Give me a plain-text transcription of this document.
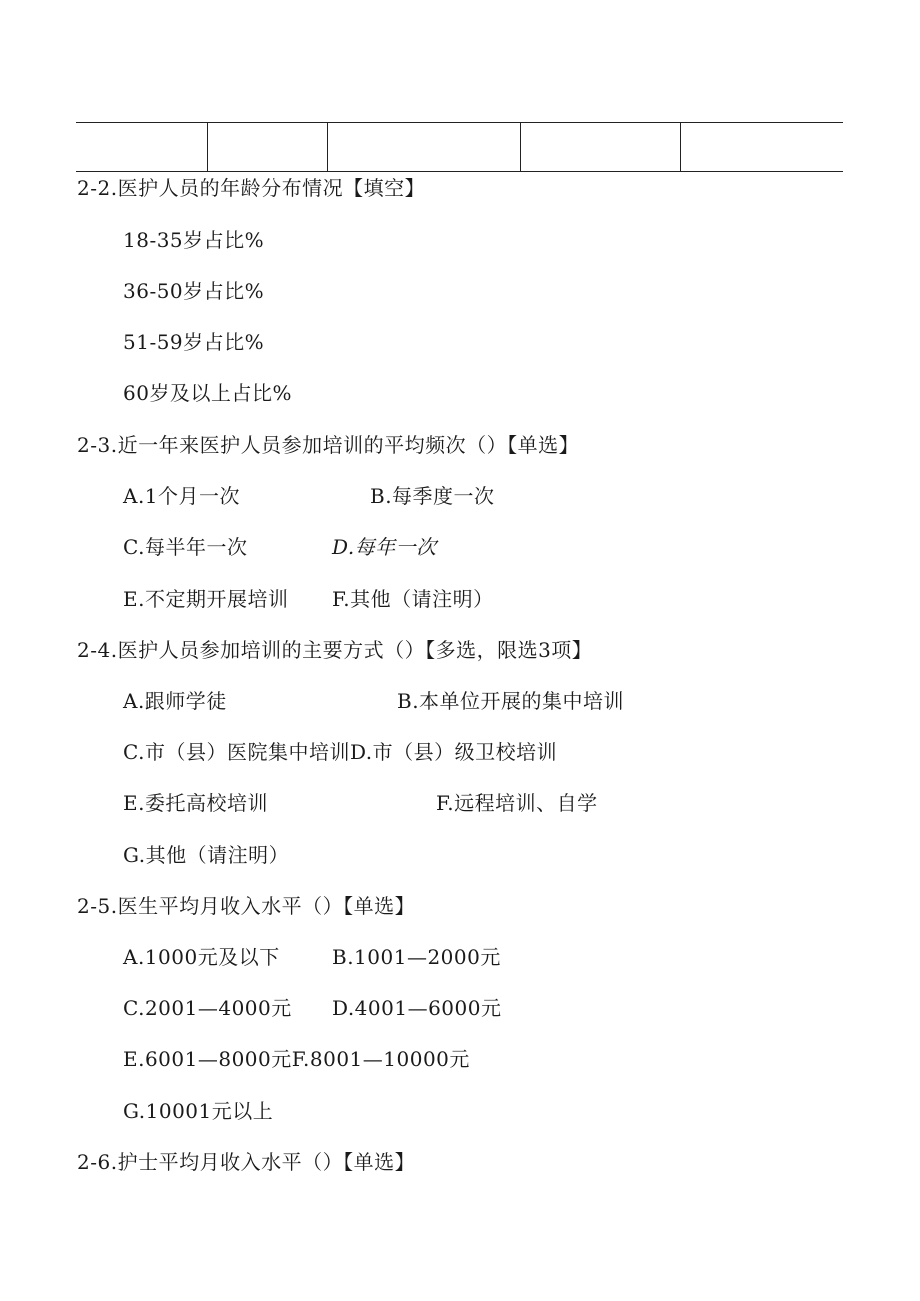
2-2.医护人员的年龄分布情况【填空】
18-35岁占比%
36-50岁占比%
51-59岁占比%
60岁及以上占比%
2-3.近一年来医护人员参加培训的平均频次（）【单选】
A.1个月一次	B.每季度一次
C.每半年一次	D.每年一次
E.不定期开展培训 F.其他（请注明）
2-4.医护人员参加培训的主要方式（）【多选，限选3项】
A.跟师学徒	B.本单位开展的集中培训
C.市（县）医院集中培训D.市（县）级卫校培训
E.委托高校培训	F.远程培训、自学
G.其他（请注明）
2-5.医生平均月收入水平（）【单选】
A.1000元及以下	B.1001—2000元
C.2001—4000元 D.4001—6000元
E.6001—8000元F.8001—10000元
G.10001元以上
2-6.护士平均月收入水平（）【单选】
